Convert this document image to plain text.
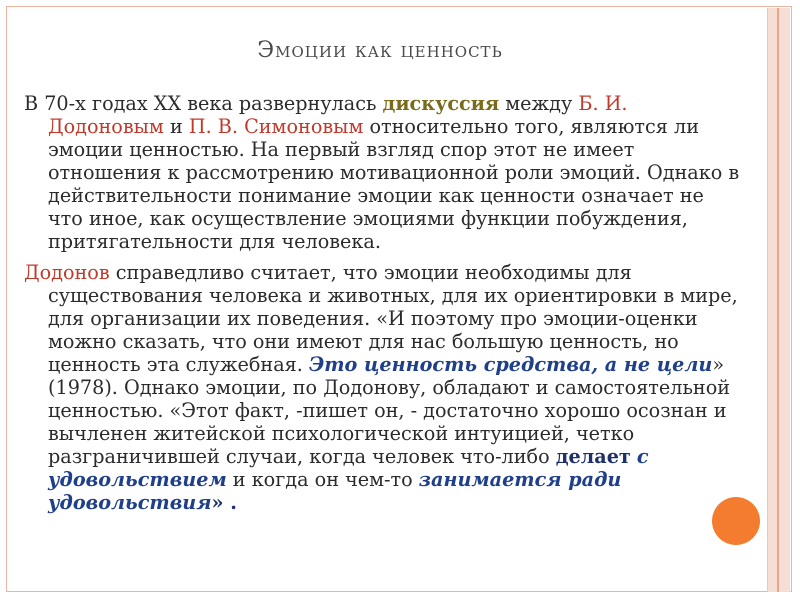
Эмоции как ценность

В 70-х годах XX века развернулась дискуссия между Б. И. Додоновым и П. В. Симоновым относительно того, являются ли эмоции ценностью. На первый взгляд спор этот не имеет отношения к рассмотрению мотивационной роли эмоций. Однако в действительности понимание эмоции как ценности означает не что иное, как осуществление эмоциями функции побуждения, притягательности для человека.

Додонов справедливо считает, что эмоции необходимы для существования человека и животных, для их ориентировки в мире, для организации их поведения. «И поэтому про эмоции-оценки можно сказать, что они имеют для нас большую ценность, но ценность эта служебная. Это ценность средства, а не цели» (1978). Однако эмоции, по Додонову, обладают и самостоятельной ценностью. «Этот факт, -пишет он, - достаточно хорошо осознан и вычленен житейской психологической интуицией, четко разграничившей случаи, когда человек что-либо делает с удовольствием и когда он чем-то занимается ради удовольствия» .
